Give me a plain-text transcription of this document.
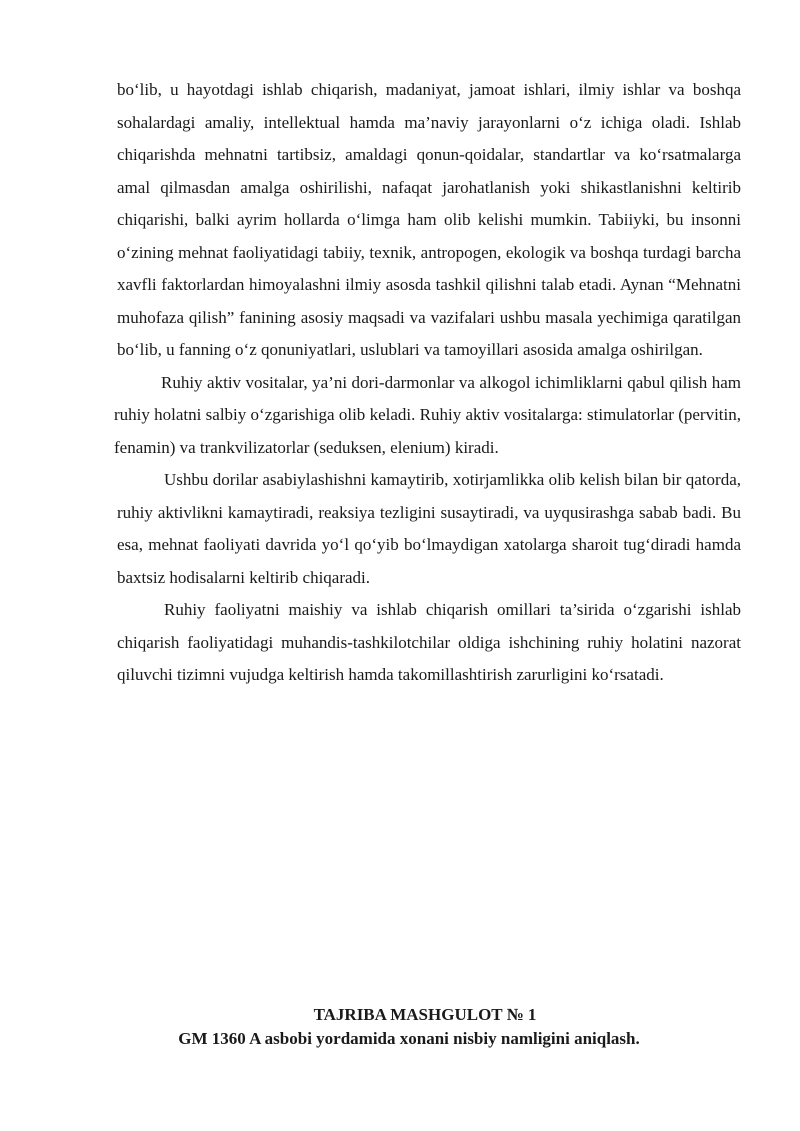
bo‘lib, u hayotdagi ishlab chiqarish, madaniyat, jamoat ishlari, ilmiy ishlar va boshqa sohalardagi amaliy, intellektual hamda ma’naviy jarayonlarni o‘z ichiga oladi. Ishlab chiqarishda mehnatni tartibsiz, amaldagi qonun-qoidalar, standartlar va ko‘rsatmalarga amal qilmasdan amalga oshirilishi, nafaqat jarohatlanish yoki shikastlanishni keltirib chiqarishi, balki ayrim hollarda o‘limga ham olib kelishi mumkin. Tabiiyki, bu insonni o‘zining mehnat faoliyatidagi tabiiy, texnik, antropogen, ekologik va boshqa turdagi barcha xavfli faktorlardan himoyalashni ilmiy asosda tashkil qilishni talab etadi. Aynan “Mehnatni muhofaza qilish” fanining asosiy maqsadi va vazifalari ushbu masala yechimiga qaratilgan bo‘lib, u fanning o‘z qonuniyatlari, uslublari va tamoyillari asosida amalga oshirilgan.

Ruhiy aktiv vositalar, ya’ni dori-darmonlar va alkogol ichimliklarni qabul qilish ham ruhiy holatni salbiy o‘zgarishiga olib keladi. Ruhiy aktiv vositalarga: stimulatorlar (pervitin, fenamin) va trankvilizatorlar (seduksen, elenium) kiradi.

Ushbu dorilar asabiylashishni kamaytirib, xotirjamlikka olib kelish bilan bir qatorda, ruhiy aktivlikni kamaytiradi, reaksiya tezligini susaytiradi, va uyqusirashga sabab badi. Bu esa, mehnat faoliyati davrida yo‘l qo‘yib bo‘lmaydigan xatolarga sharoit tug‘diradi hamda baxtsiz hodisalarni keltirib chiqaradi.

Ruhiy faoliyatni maishiy va ishlab chiqarish omillari ta’sirida o‘zgarishi ishlab chiqarish faoliyatidagi muhandis-tashkilotchilar oldiga ishchining ruhiy holatini nazorat qiluvchi tizimni vujudga keltirish hamda takomillashtirish zarurligini ko‘rsatadi.

TAJRIBA MASHGULOT № 1
GM 1360 A asbobi yordamida xonani nisbiy namligini aniqlash.
